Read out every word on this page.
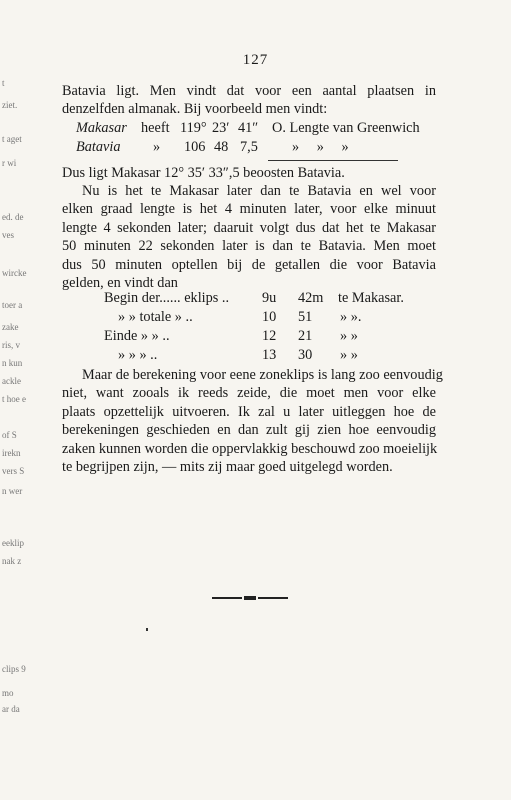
t
ziet.
t aget
r wi
ed. de
ves
wircke
toer a
zake
ris, v
n kun
ackle
t hoe e
of S
irekn
vers S
n wer
eeklip
nak z
clips 9
mo
ar da
127
Batavia ligt. Men vindt dat voor een aantal plaatsen in
denzelfden almanak. Bij voorbeeld men vindt:
Makasar heeft 119° 23′ 41″ O. Lengte van Greenwich
Batavia » 106 48 7,5 » » »
Dus ligt Makasar 12° 35′ 33″,5 beoosten Batavia.
Nu is het te Makasar later dan te Batavia en wel voor
elken graad lengte is het 4 minuten later, voor elke minuut
lengte 4 sekonden later; daaruit volgt dus dat het te Makasar
50 minuten 22 sekonden later is dan te Batavia. Men moet
dus 50 minuten optellen bij de getallen die voor Batavia
gelden, en vindt dan
Begin der...... eklips .. 9u 42m te Makasar.
» » totale » ..	10 51 » ».
Einde » » ..	12 21 » »
» » » ..	13 30 » »
Maar de berekening voor eene zoneklips is lang zoo eenvoudig
niet, want zooals ik reeds zeide, die moet men voor elke
plaats opzettelijk uitvoeren. Ik zal u later uitleggen hoe de
berekeningen geschieden en dan zult gij zien hoe eenvoudig
zaken kunnen worden die oppervlakkig beschouwd zoo moeielijk
te begrijpen zijn, — mits zij maar goed uitgelegd worden.
